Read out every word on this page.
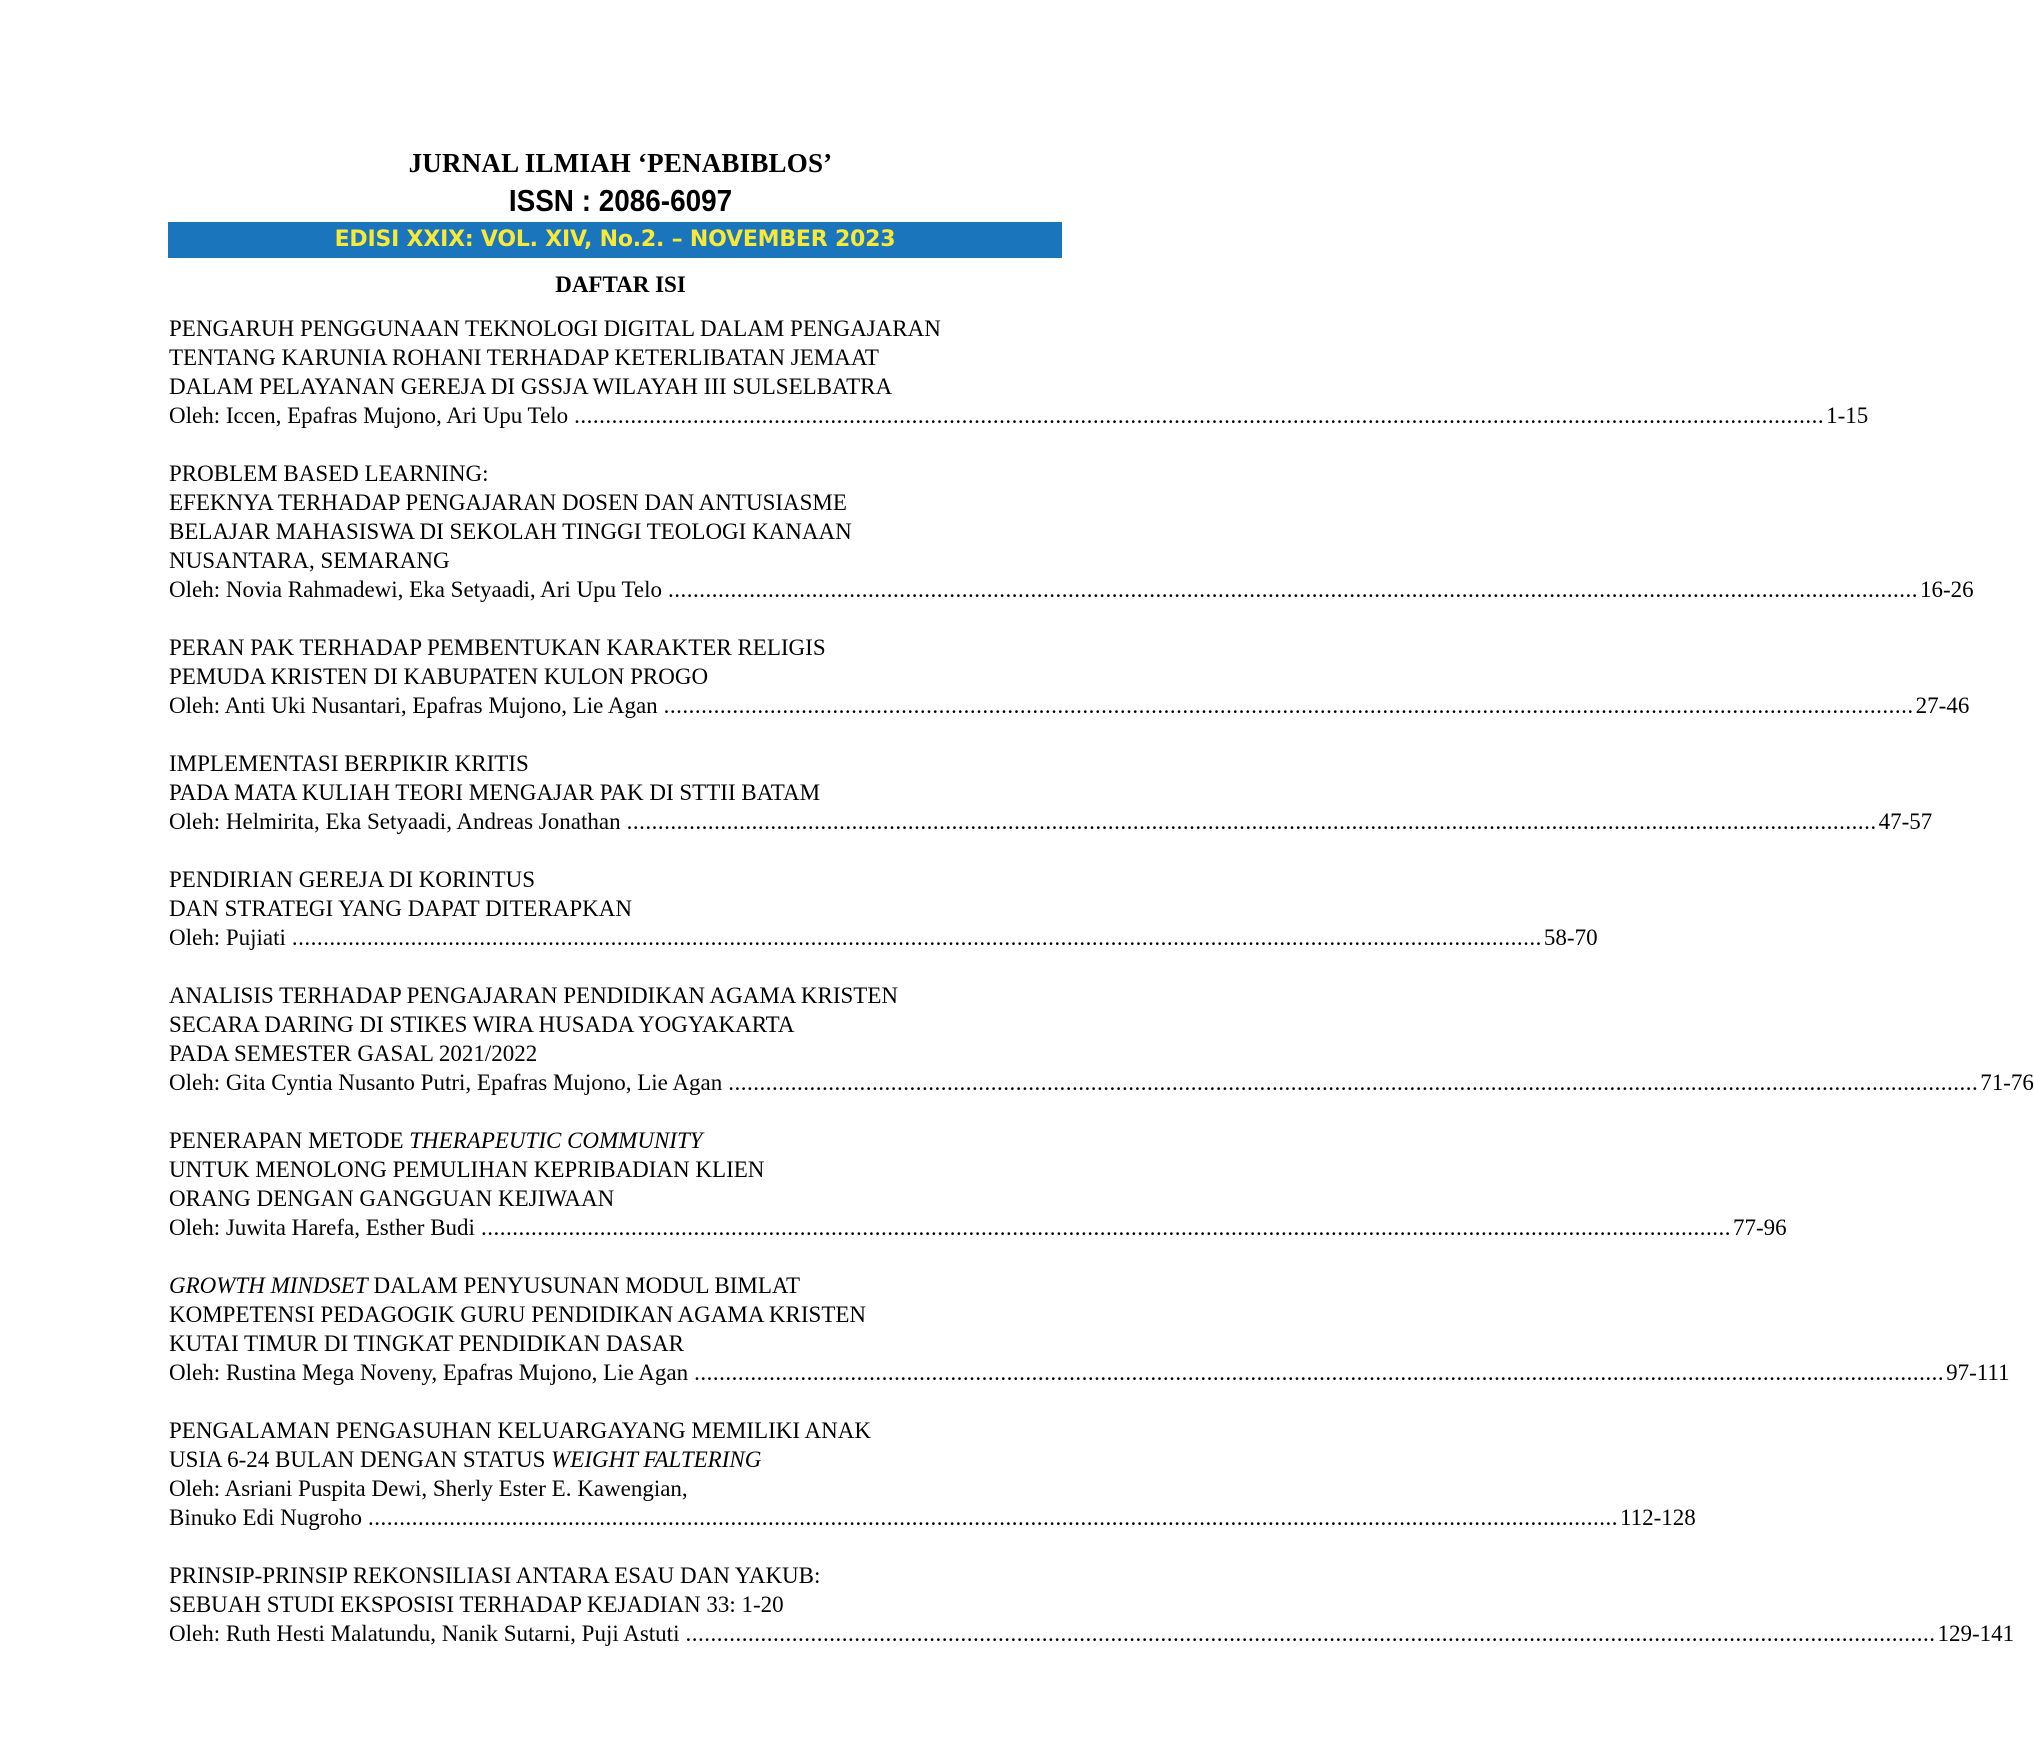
JURNAL ILMIAH ‘PENABIBLOS’
ISSN : 2086-6097
EDISI XXIX: VOL. XIV, No.2. – NOVEMBER 2023
DAFTAR ISI
PENGARUH PENGGUNAAN TEKNOLOGI DIGITAL DALAM PENGAJARAN
TENTANG KARUNIA ROHANI TERHADAP KETERLIBATAN JEMAAT
DALAM PELAYANAN GEREJA DI GSSJA WILAYAH III SULSELBATRA
Oleh: Iccen, Epafras Mujono, Ari Upu Telo ........................................................................................................................................................................................................ 1-15
PROBLEM BASED LEARNING:
EFEKNYA TERHADAP PENGAJARAN DOSEN DAN ANTUSIASME
BELAJAR MAHASISWA DI SEKOLAH TINGGI TEOLOGI KANAAN
NUSANTARA, SEMARANG
Oleh: Novia Rahmadewi, Eka Setyaadi, Ari Upu Telo ........................................................................................................................................................................................................ 16-26
PERAN PAK TERHADAP PEMBENTUKAN KARAKTER RELIGIS
PEMUDA KRISTEN DI KABUPATEN KULON PROGO
Oleh: Anti Uki Nusantari, Epafras Mujono, Lie Agan ........................................................................................................................................................................................................ 27-46
IMPLEMENTASI BERPIKIR KRITIS
PADA MATA KULIAH TEORI MENGAJAR PAK DI STTII BATAM
Oleh: Helmirita, Eka Setyaadi, Andreas Jonathan ........................................................................................................................................................................................................ 47-57
PENDIRIAN GEREJA DI KORINTUS
DAN STRATEGI YANG DAPAT DITERAPKAN
Oleh: Pujiati ........................................................................................................................................................................................................ 58-70
ANALISIS TERHADAP PENGAJARAN PENDIDIKAN AGAMA KRISTEN
SECARA DARING DI STIKES WIRA HUSADA YOGYAKARTA
PADA SEMESTER GASAL 2021/2022
Oleh: Gita Cyntia Nusanto Putri, Epafras Mujono, Lie Agan ........................................................................................................................................................................................................ 71-76
PENERAPAN METODE THERAPEUTIC COMMUNITY
UNTUK MENOLONG PEMULIHAN KEPRIBADIAN KLIEN
ORANG DENGAN GANGGUAN KEJIWAAN
Oleh: Juwita Harefa, Esther Budi ........................................................................................................................................................................................................ 77-96
GROWTH MINDSET DALAM PENYUSUNAN MODUL BIMLAT
KOMPETENSI PEDAGOGIK GURU PENDIDIKAN AGAMA KRISTEN
KUTAI TIMUR DI TINGKAT PENDIDIKAN DASAR
Oleh: Rustina Mega Noveny, Epafras Mujono, Lie Agan ........................................................................................................................................................................................................ 97-111
PENGALAMAN PENGASUHAN KELUARGAYANG MEMILIKI ANAK
USIA 6-24 BULAN DENGAN STATUS WEIGHT FALTERING
Oleh: Asriani Puspita Dewi, Sherly Ester E. Kawengian,
Binuko Edi Nugroho ........................................................................................................................................................................................................ 112-128
PRINSIP-PRINSIP REKONSILIASI ANTARA ESAU DAN YAKUB:
SEBUAH STUDI EKSPOSISI TERHADAP KEJADIAN 33: 1-20
Oleh: Ruth Hesti Malatundu, Nanik Sutarni, Puji Astuti ........................................................................................................................................................................................................ 129-141
